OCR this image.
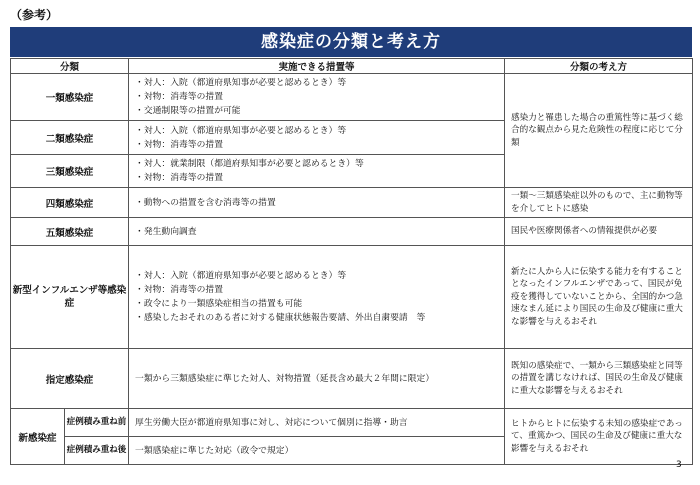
（参考）
感染症の分類と考え方
分類		実施できる措置等	分類の考え方
一類感染症		・対人：入院（都道府県知事が必要と認めるとき）等
・対物：消毒等の措置
・交通制限等の措置が可能	感染力と罹患した場合の重篤性等に基づく総合的な観点から見た危険性の程度に応じて分類
二類感染症		・対人：入院（都道府県知事が必要と認めるとき）等
・対物：消毒等の措置	

三類感染症		・対人：就業制限（都道府県知事が必要と認めるとき）等
・対物：消毒等の措置	

四類感染症		・動物への措置を含む消毒等の措置	一類～三類感染症以外のもので、主に動物等を介してヒトに感染
五類感染症		・発生動向調査	国民や医療関係者への情報提供が必要
新型インフルエンザ等感染症		・対人：入院（都道府県知事が必要と認めるとき）等
・対物：消毒等の措置
・政令により一類感染症相当の措置も可能
・感染したおそれのある者に対する健康状態報告要請、外出自粛要請　等	新たに人から人に伝染する能力を有することとなったインフルエンザであって、国民が免疫を獲得していないことから、全国的かつ急速なまん延により国民の生命及び健康に重大な影響を与えるおそれ
指定感染症		一類から三類感染症に準じた対人、対物措置（延長含め最大２年間に限定）	既知の感染症で、一類から三類感染症と同等の措置を講じなければ、国民の生命及び健康に重大な影響を与えるおそれ
新感染症	症例積み重ね前	厚生労働大臣が都道府県知事に対し、対応について個別に指導・助言	ヒトからヒトに伝染する未知の感染症であって、重篤かつ、国民の生命及び健康に重大な影響を与えるおそれ
	症例積み重ね後	一類感染症に準じた対応（政令で規定）	
3
